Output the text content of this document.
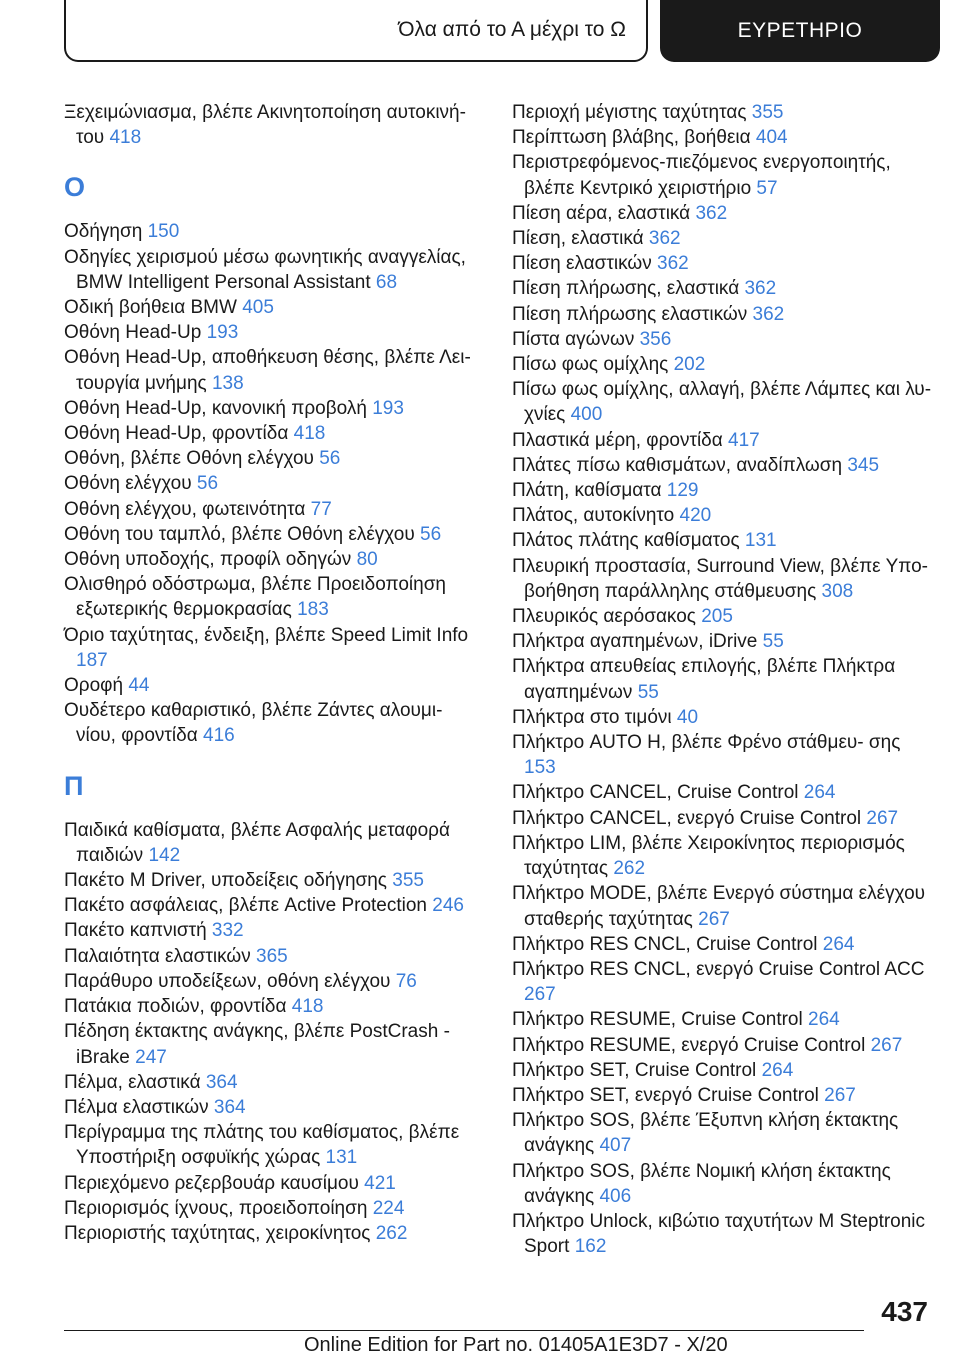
Όλα από το Α μέχρι το Ω	ΕΥΡΕΤΗΡΙΟ
Ξεχειμώνιασμα, βλέπε Ακινητοποίηση αυτοκινή- του 418
Ο
Οδήγηση 150
Οδηγίες χειρισμού μέσω φωνητικής αναγγελίας, BMW Intelligent Personal Assistant 68
Οδική βοήθεια BMW 405
Οθόνη Head-Up 193
Οθόνη Head-Up, αποθήκευση θέσης, βλέπε Λει- τουργία μνήμης 138
Οθόνη Head-Up, κανονική προβολή 193
Οθόνη Head-Up, φροντίδα 418
Οθόνη, βλέπε Οθόνη ελέγχου 56
Οθόνη ελέγχου 56
Οθόνη ελέγχου, φωτεινότητα 77
Οθόνη του ταμπλό, βλέπε Οθόνη ελέγχου 56
Οθόνη υποδοχής, προφίλ οδηγών 80
Ολισθηρό οδόστρωμα, βλέπε Προειδοποίηση εξωτερικής θερμοκρασίας 183
Όριο ταχύτητας, ένδειξη, βλέπε Speed Limit Info 187
Οροφή 44
Ουδέτερο καθαριστικό, βλέπε Ζάντες αλουμι- νίου, φροντίδα 416
Π
Παιδικά καθίσματα, βλέπε Ασφαλής μεταφορά παιδιών 142
Πακέτο M Driver, υποδείξεις οδήγησης 355
Πακέτο ασφάλειας, βλέπε Active Protection 246
Πακέτο καπνιστή 332
Παλαιότητα ελαστικών 365
Παράθυρο υποδείξεων, οθόνη ελέγχου 76
Πατάκια ποδιών, φροντίδα 418
Πέδηση έκτακτης ανάγκης, βλέπε PostCrash - iBrake 247
Πέλμα, ελαστικά 364
Πέλμα ελαστικών 364
Περίγραμμα της πλάτης του καθίσματος, βλέπε Υποστήριξη οσφυϊκής χώρας 131
Περιεχόμενο ρεζερβουάρ καυσίμου 421
Περιορισμός ίχνους, προειδοποίηση 224
Περιοριστής ταχύτητας, χειροκίνητος 262
Περιοχή μέγιστης ταχύτητας 355
Περίπτωση βλάβης, βοήθεια 404
Περιστρεφόμενος-πιεζόμενος ενεργοποιητής, βλέπε Κεντρικό χειριστήριο 57
Πίεση αέρα, ελαστικά 362
Πίεση, ελαστικά 362
Πίεση ελαστικών 362
Πίεση πλήρωσης, ελαστικά 362
Πίεση πλήρωσης ελαστικών 362
Πίστα αγώνων 356
Πίσω φως ομίχλης 202
Πίσω φως ομίχλης, αλλαγή, βλέπε Λάμπες και λυ- χνίες 400
Πλαστικά μέρη, φροντίδα 417
Πλάτες πίσω καθισμάτων, αναδίπλωση 345
Πλάτη, καθίσματα 129
Πλάτος, αυτοκίνητο 420
Πλάτος πλάτης καθίσματος 131
Πλευρική προστασία, Surround View, βλέπε Υπο- βοήθηση παράλληλης στάθμευσης 308
Πλευρικός αερόσακος 205
Πλήκτρα αγαπημένων, iDrive 55
Πλήκτρα απευθείας επιλογής, βλέπε Πλήκτρα αγαπημένων 55
Πλήκτρα στο τιμόνι 40
Πλήκτρο AUTO H, βλέπε Φρένο στάθμευ- σης 153
Πλήκτρο CANCEL, Cruise Control 264
Πλήκτρο CANCEL, ενεργό Cruise Control 267
Πλήκτρο LIM, βλέπε Χειροκίνητος περιορισμός ταχύτητας 262
Πλήκτρο MODE, βλέπε Ενεργό σύστημα ελέγχου σταθερής ταχύτητας 267
Πλήκτρο RES CNCL, Cruise Control 264
Πλήκτρο RES CNCL, ενεργό Cruise Control ACC 267
Πλήκτρο RESUME, Cruise Control 264
Πλήκτρο RESUME, ενεργό Cruise Control 267
Πλήκτρο SET, Cruise Control 264
Πλήκτρο SET, ενεργό Cruise Control 267
Πλήκτρο SOS, βλέπε Έξυπνη κλήση έκτακτης ανάγκης 407
Πλήκτρο SOS, βλέπε Νομική κλήση έκτακτης ανάγκης 406
Πλήκτρο Unlock, κιβώτιο ταχυτήτων M Steptronic Sport 162
437
Online Edition for Part no. 01405A1E3D7 - X/20
